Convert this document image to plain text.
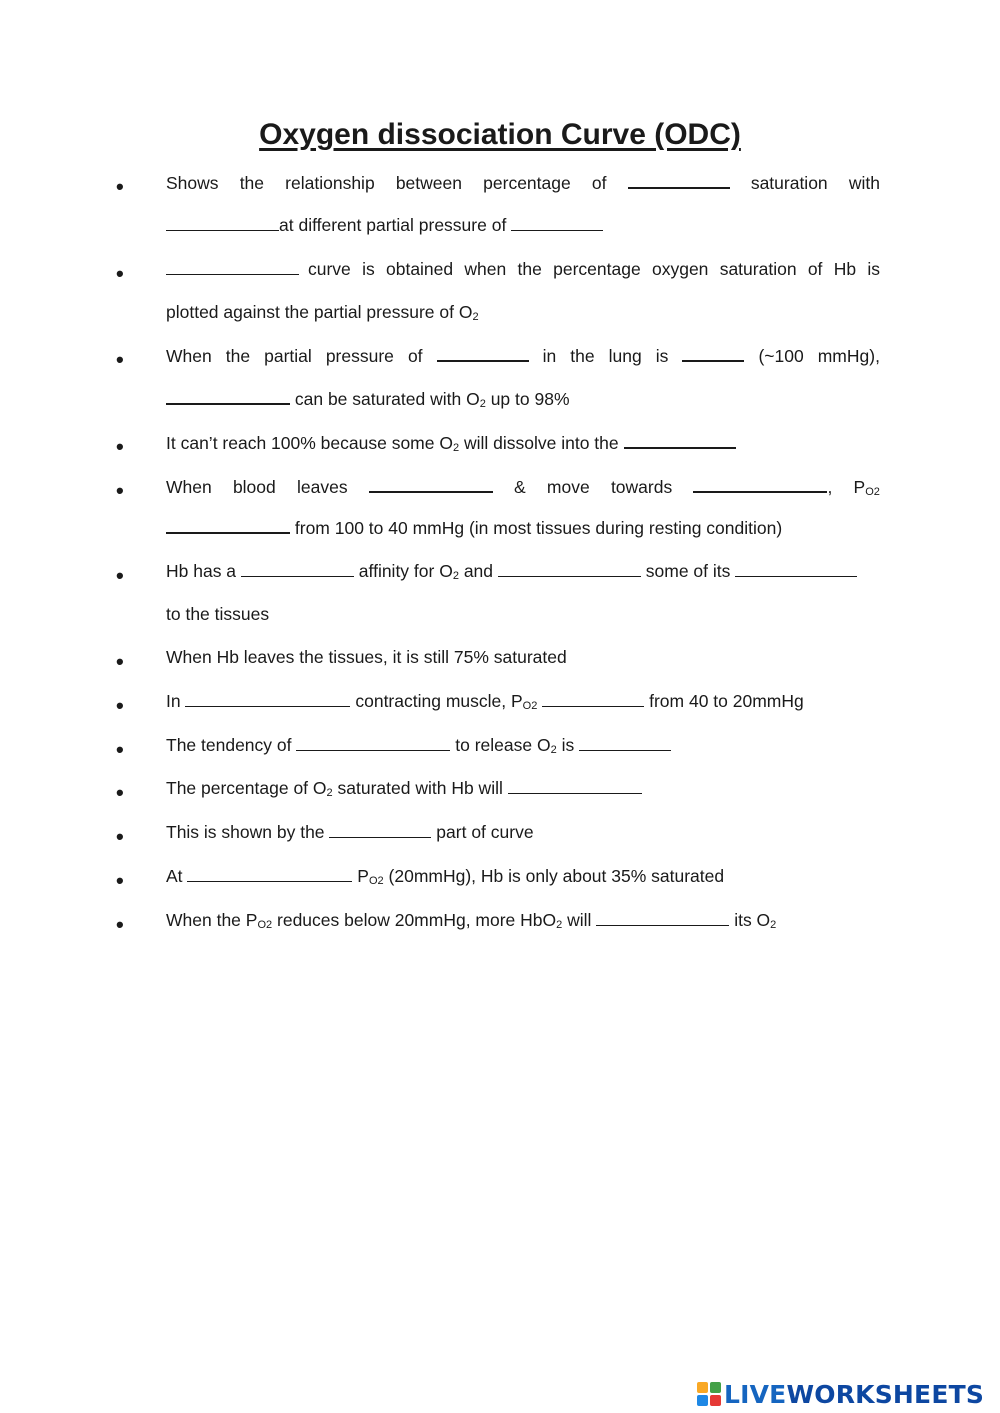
Oxygen dissociation Curve (ODC)
• Shows the relationship between percentage of	saturation with
at different partial pressure of
•	curve is obtained when the percentage oxygen saturation of Hb is
plotted against the partial pressure of $O_2$
• When the partial pressure of	in the lung is	(~100 mmHg),
can be saturated with $O_2$ up to 98%
• It can’t reach 100% because some $O_2$ will dissolve into the
• When blood leaves	& move towards	, $P_{O2}$
from 100 to 40 mmHg (in most tissues during resting condition)
• Hb has a	affinity for $O_2$ and	some of its
to the tissues
• When Hb leaves the tissues, it is still 75% saturated
• In	contracting muscle, $P_{O2}$	from 40 to 20mmHg
• The tendency of	to release $O_2$ is
• The percentage of $O_2$ saturated with Hb will
• This is shown by the	part of curve
• At	$P_{O2}$ (20mmHg), Hb is only about 35% saturated
• When the $P_{O2}$ reduces below 20mmHg, more HbO$_2$ will	its $O_2$
LIVEWORKSHEETS
